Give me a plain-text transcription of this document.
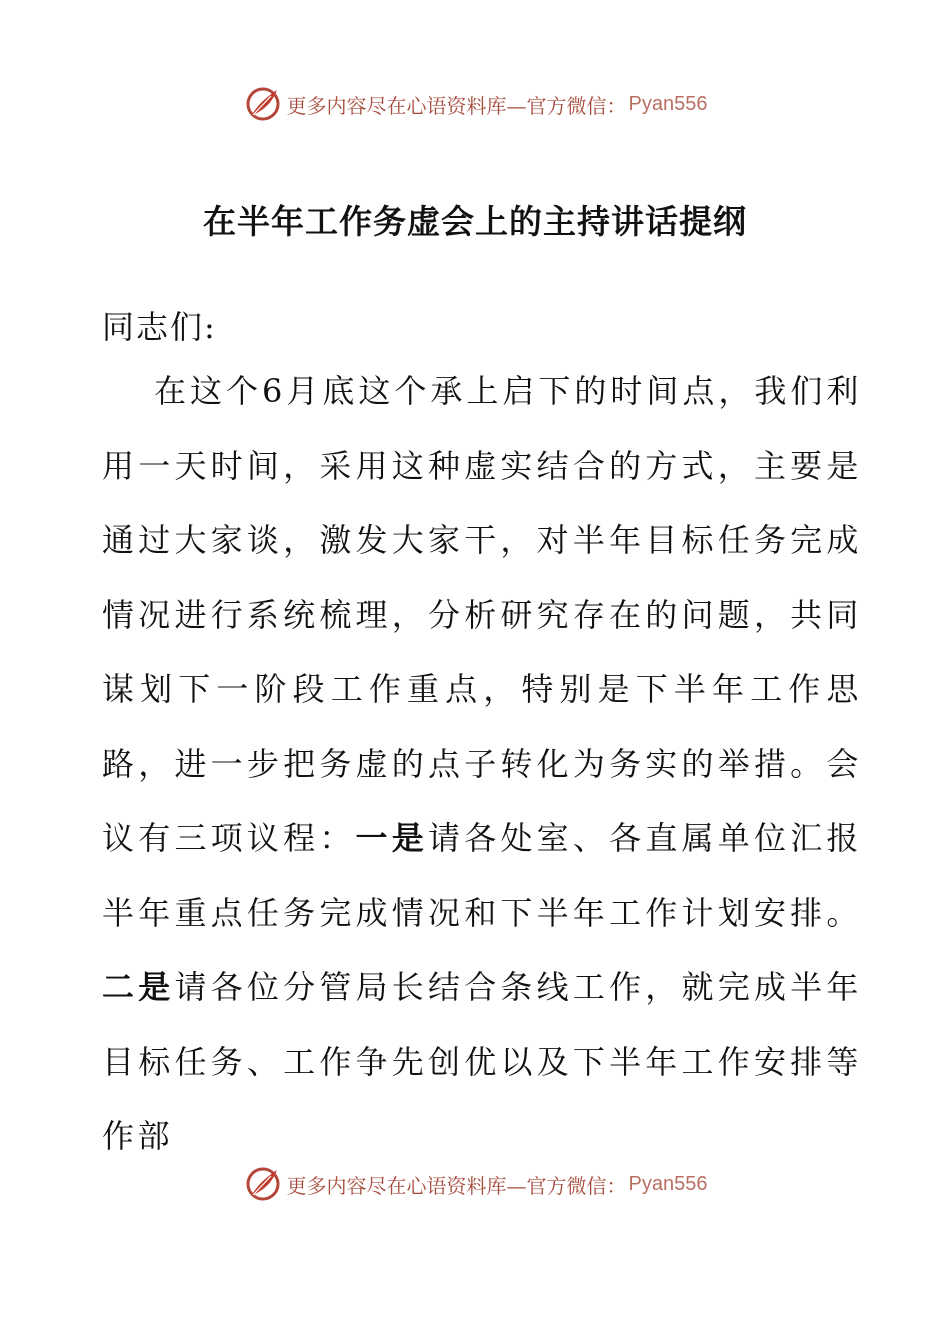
更多内容尽在心语资料库—官方微信： Pyan556
在半年工作务虚会上的主持讲话提纲

同志们:

在这个6月底这个承上启下的时间点，我们利用一天时间，采用这种虚实结合的方式，主要是通过大家谈，激发大家干，对半年目标任务完成情况进行系统梳理，分析研究存在的问题，共同谋划下一阶段工作重点，特别是下半年工作思路，进一步把务虚的点子转化为务实的举措。会议有三项议程：一是请各处室、各直属单位汇报半年重点任务完成情况和下半年工作计划安排。二是请各位分管局长结合条线工作，就完成半年目标任务、工作争先创优以及下半年工作安排等作部

更多内容尽在心语资料库—官方微信： Pyan556
